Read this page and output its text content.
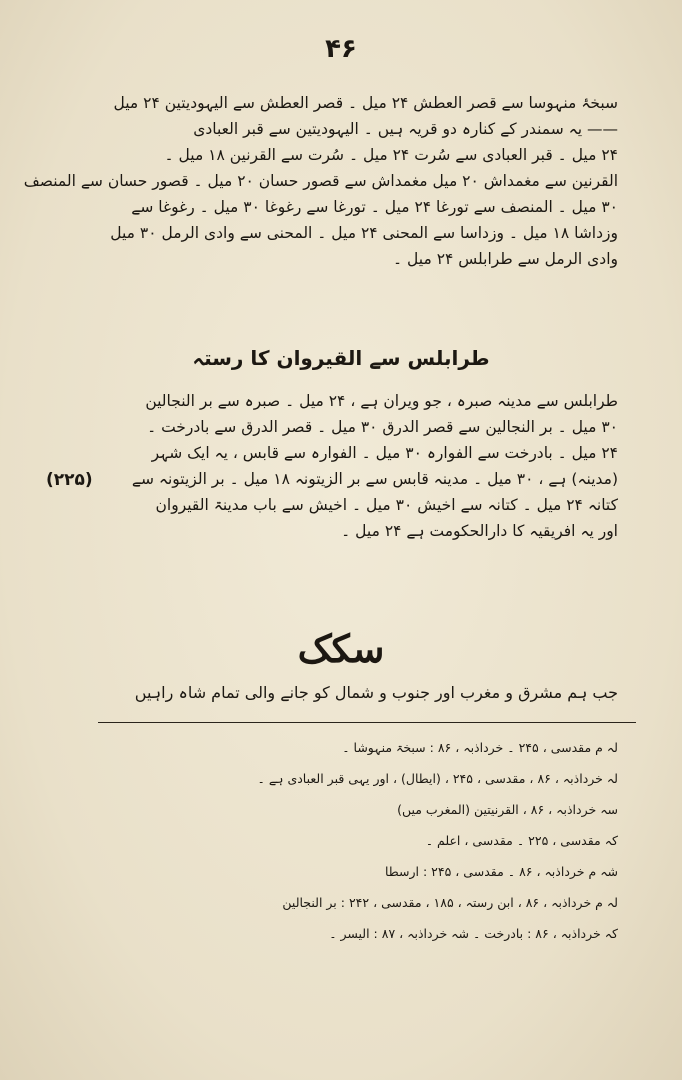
۴۶
سبخۂ منہوسا سے قصر العطش ۲۴ میل ۔ قصر العطش سے الیہودیتین ۲۴ میل
—— یہ سمندر کے کنارہ دو قریہ ہیں ۔ الیہودیتین سے قبر العبادی
۲۴ میل ۔ قبر العبادی سے سُرت ۲۴ میل ۔ سُرت سے القرنین ۱۸ میل ۔
القرنین سے مغمداش ۲۰ میل مغمداش سے قصور حسان ۲۰ میل ۔ قصور حسان سے المنصف
۳۰ میل ۔ المنصف سے تورغا ۲۴ میل ۔ تورغا سے رغوغا ۳۰ میل ۔ رغوغا سے
وزداشا ۱۸ میل ۔ وزداسا سے المحنی ۲۴ میل ۔ المحنی سے وادی الرمل ۳۰ میل
وادی الرمل سے طرابلس ۲۴ میل ۔
طرابلس سے القیروان کا رستہ
طرابلس سے مدینہ صبرہ ، جو ویران ہے ، ۲۴ میل ۔ صبرہ سے بر النجالین
۳۰ میل ۔ بر النجالین سے قصر الدرق ۳۰ میل ۔ قصر الدرق سے بادرخت ۔
۲۴ میل ۔ بادرخت سے الفوارہ ۳۰ میل ۔ الفوارہ سے قابس ، یہ ایک شہر
(مدینہ) ہے ، ۳۰ میل ۔ مدینہ قابس سے بر الزیتونہ ۱۸ میل ۔ بر الزیتونہ سے
کتانہ ۲۴ میل ۔ کتانہ سے اخیش ۳۰ میل ۔ اخیش سے باب مدینۃ القیروان
اور یہ افریقیہ کا دارالحکومت ہے ۲۴ میل ۔
(۲۲۵)
سکک
جب ہم مشرق و مغرب اور جنوب و شمال کو جانے والی تمام شاہ راہیں
لہ م مقدسی ، ۲۴۵ ۔ خرداذبہ ، ۸۶ : سبخۃ منہوشا ۔
لہ خرداذبہ ، ۸۶ ، مقدسی ، ۲۴۵ ، (ایطال) ، اور یہی قبر العبادی ہے ۔
سہ خرداذبہ ، ۸۶ ، القرنیتین (المغرب میں)
کہ مقدسی ، ۲۲۵ ۔ مقدسی ، اعلم ۔
شہ م خرداذبہ ، ۸۶ ۔ مقدسی ، ۲۴۵ : ارسطا
لہ م خرداذبہ ، ۸۶ ، ابن رستہ ، ۱۸۵ ، مقدسی ، ۲۴۲ : بر النجالین
کہ خرداذبہ ، ۸۶ : بادرخت ۔ شہ خرداذبہ ، ۸۷ : الیسر ۔
